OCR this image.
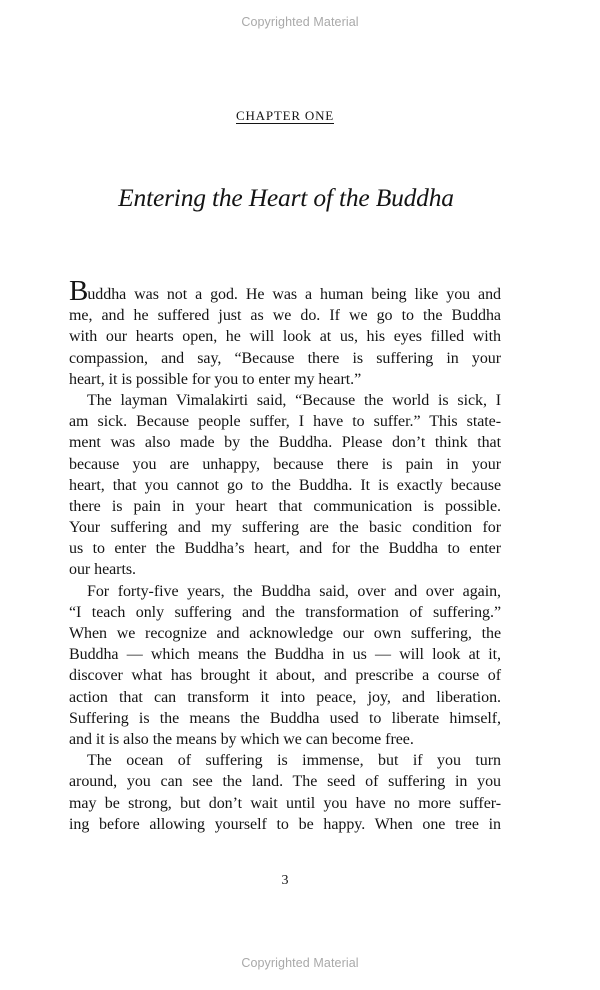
Copyrighted Material
CHAPTER ONE
Entering the Heart of the Buddha
Buddha was not a god. He was a human being like you and
me, and he suffered just as we do. If we go to the Buddha
with our hearts open, he will look at us, his eyes filled with
compassion, and say, “Because there is suffering in your
heart, it is possible for you to enter my heart.”
The layman Vimalakirti said, “Because the world is sick, I
am sick. Because people suffer, I have to suffer.” This state-
ment was also made by the Buddha. Please don’t think that
because you are unhappy, because there is pain in your
heart, that you cannot go to the Buddha. It is exactly because
there is pain in your heart that communication is possible.
Your suffering and my suffering are the basic condition for
us to enter the Buddha’s heart, and for the Buddha to enter
our hearts.
For forty-five years, the Buddha said, over and over again,
“I teach only suffering and the transformation of suffering.”
When we recognize and acknowledge our own suffering, the
Buddha — which means the Buddha in us — will look at it,
discover what has brought it about, and prescribe a course of
action that can transform it into peace, joy, and liberation.
Suffering is the means the Buddha used to liberate himself,
and it is also the means by which we can become free.
The ocean of suffering is immense, but if you turn
around, you can see the land. The seed of suffering in you
may be strong, but don’t wait until you have no more suffer-
ing before allowing yourself to be happy. When one tree in
3
Copyrighted Material
